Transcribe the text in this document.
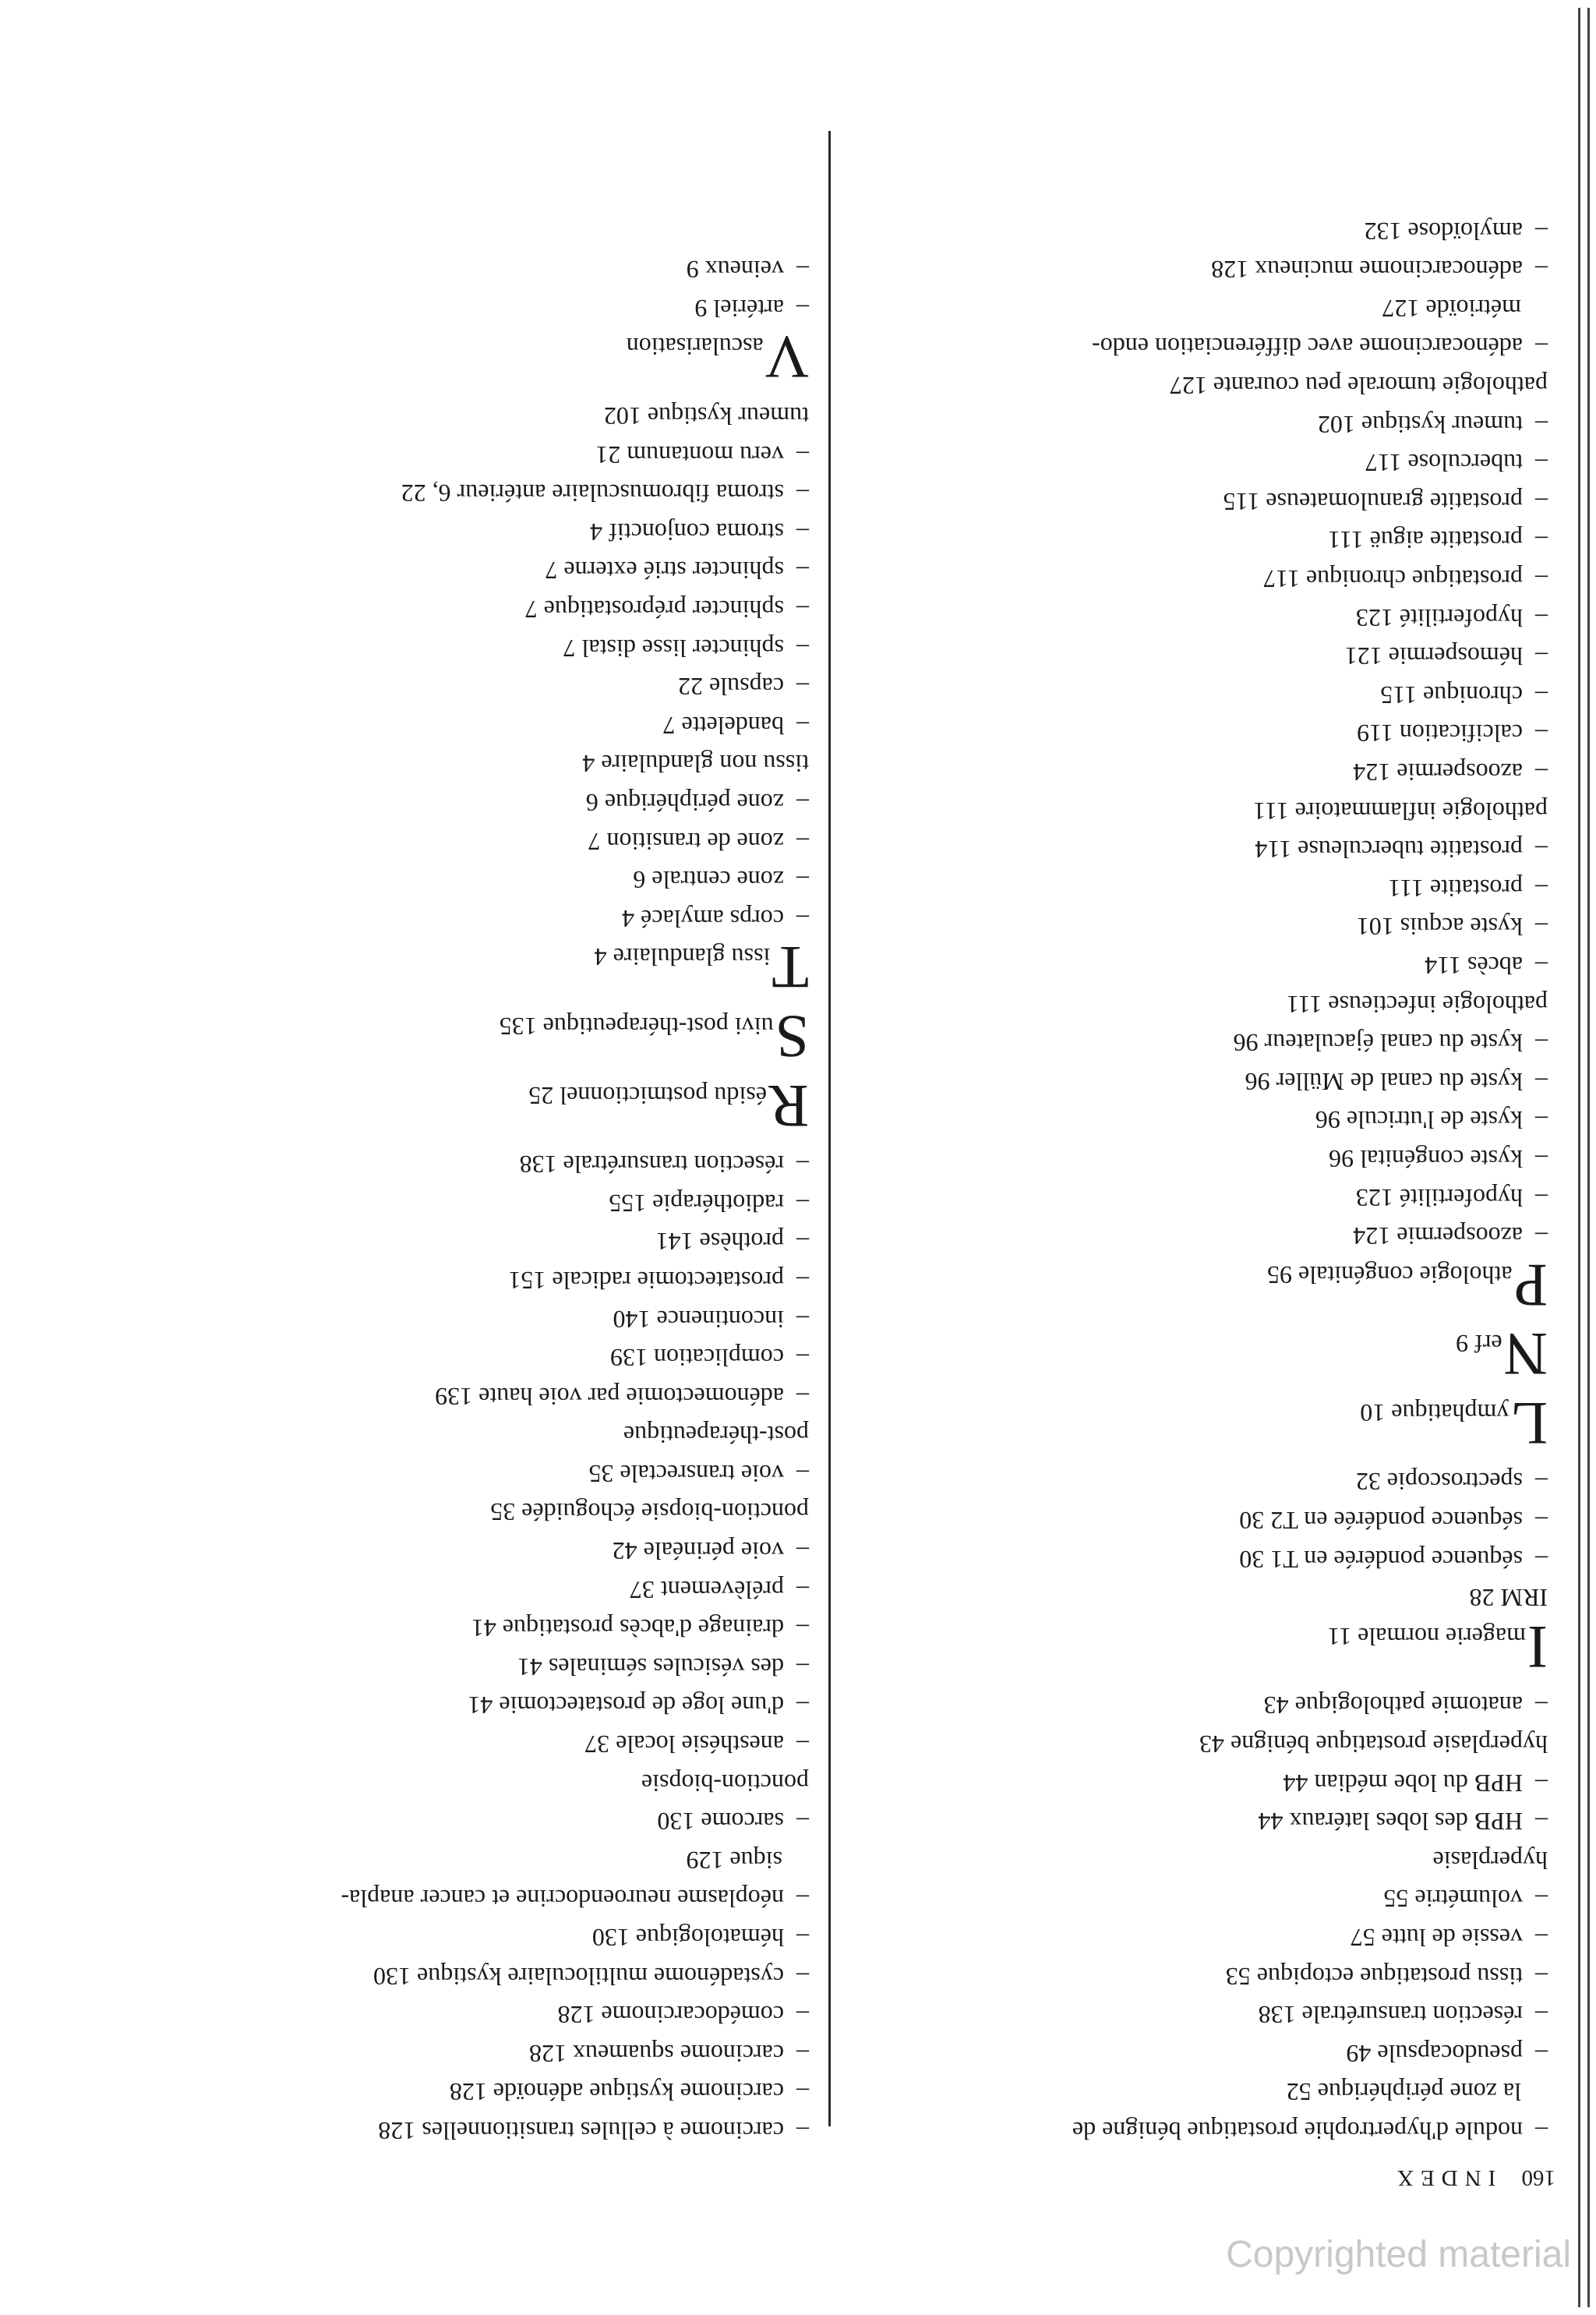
160 INDEX
–  nodule d'hypertrophie prostatique bénigne de
la zone périphérique 52
–  pseudocapsule 49
–  résection transurétrale 138
–  tissu prostatique ectopique 53
–  vessie de lutte 57
–  volumétrie 55
hyperplasie
–  HPB des lobes latéraux 44
–  HPB du lobe médian 44
hyperplasie prostatique bénigne 43
–  anatomie pathologique 43
Imagerie normale 11
IRM 28
–  séquence pondérée en T1 30
–  séquence pondérée en T2 30
–  spectroscopie 32
Lymphatique 10
Nerf 9
Pathologie congénitale 95
–  azoospermie 124
–  hypofertilité 123
–  kyste congénital 96
–  kyste de l'utricule 96
–  kyste du canal de Müller 96
–  kyste du canal éjaculateur 96
pathologie infectieuse 111
–  abcès 114
–  kyste acquis 101
–  prostatite 111
–  prostatite tuberculeuse 114
pathologie inflammatoire 111
–  azoospermie 124
–  calcification 119
–  chronique 115
–  hémospermie 121
–  hypofertilité 123
–  prostatique chronique 117
–  prostatite aiguë 111
–  prostatite granulomateuse 115
–  tuberculose 117
–  tumeur kystique 102
pathologie tumorale peu courante 127
–  adénocarcinome avec différenciation endo-
métrioïde 127
–  adénocarcinome mucineux 128
–  amyloïdose 132
–  carcinome à cellules transitionnelles 128
–  carcinome kystique adénoïde 128
–  carcinome squameux 128
–  comédocarcinome 128
–  cystadénome multiloculaire kystique 130
–  hématologique 130
–  néoplasme neuroendocrine et cancer anapla-
sique 129
–  sarcome 130
ponction-biopsie
–  anesthésie locale 37
–  d'une loge de prostatectomie 41
–  des vésicules séminales 41
–  drainage d'abcès prostatique 41
–  prélèvement 37
–  voie périnéale 42
ponction-biopsie échoguidée 35
–  voie transrectale 35
post-thérapeutique
–  adénomectomie par voie haute 139
–  complication 139
–  incontinence 140
–  prostatectomie radicale 151
–  prothèse 141
–  radiothérapie 155
–  résection transurétrale 138
Résidu postmictionnel 25
Suivi post-thérapeutique 135
Tissu glandulaire 4
–  corps amylacé 4
–  zone centrale 6
–  zone de transition 7
–  zone périphérique 6
tissu non glandulaire 4
–  bandelette 7
–  capsule 22
–  sphincter lisse distal 7
–  sphincter préprostatique 7
–  sphincter strié externe 7
–  stroma conjonctif 4
–  stroma fibromusculaire antérieur 6, 22
–  veru montanum 21
tumeur kystique 102
Vascularisation
–  artériel 9
–  veineux 9
Copyrighted material
